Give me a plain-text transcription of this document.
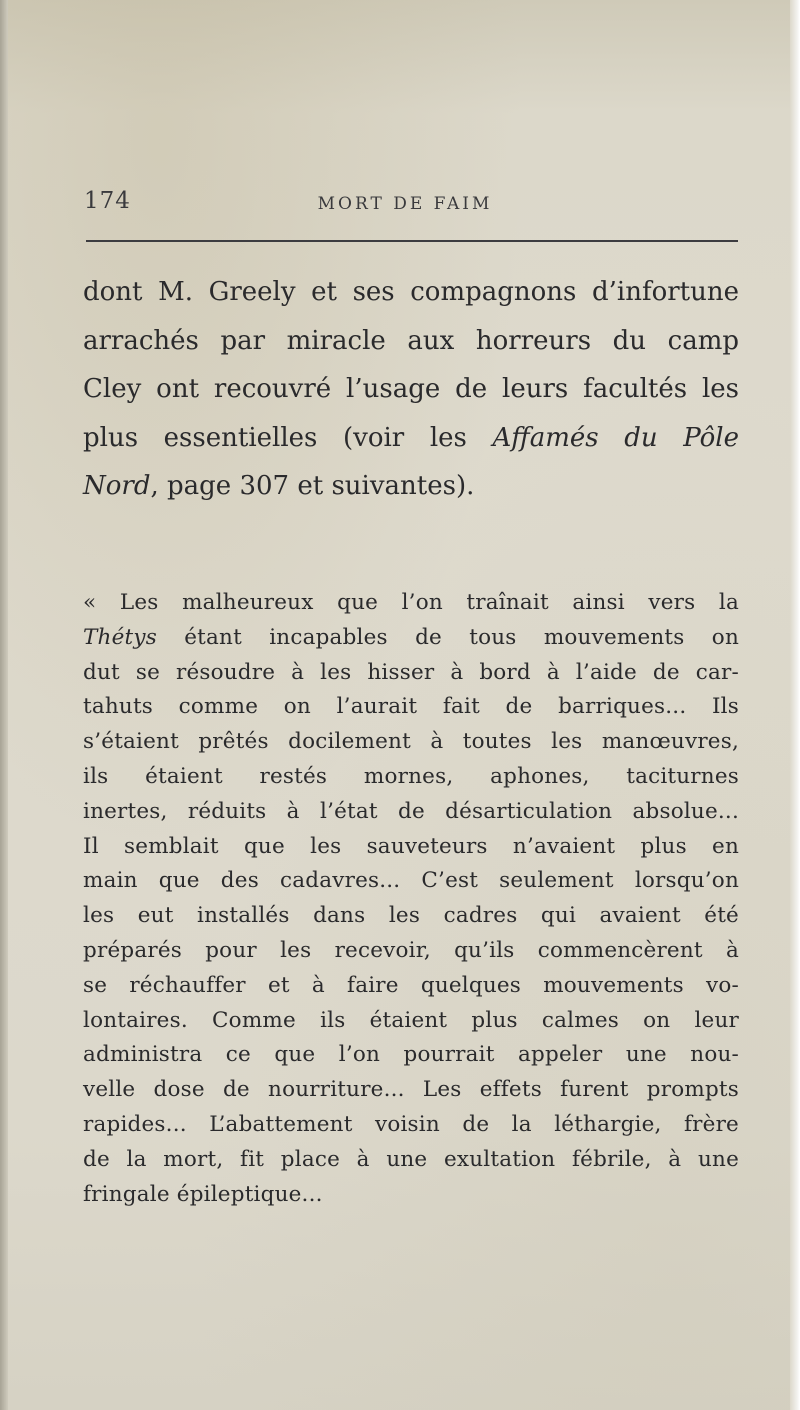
174	MORT DE FAIM
dont M. Greely et ses compagnons d’infortune
arrachés par miracle aux horreurs du camp
Cley ont recouvré l’usage de leurs facultés les
plus essentielles (voir les Affamés du Pôle
Nord, page 307 et suivantes).
« Les malheureux que l’on traînait ainsi vers la
Thétys étant incapables de tous mouvements on
dut se résoudre à les hisser à bord à l’aide de car-
tahuts comme on l’aurait fait de barriques... Ils
s’étaient prêtés docilement à toutes les manœuvres,
ils étaient restés mornes, aphones, taciturnes
inertes, réduits à l’état de désarticulation absolue...
Il semblait que les sauveteurs n’avaient plus en
main que des cadavres... C’est seulement lorsqu’on
les eut installés dans les cadres qui avaient été
préparés pour les recevoir, qu’ils commencèrent à
se réchauffer et à faire quelques mouvements vo-
lontaires. Comme ils étaient plus calmes on leur
administra ce que l’on pourrait appeler une nou-
velle dose de nourriture... Les effets furent prompts
rapides... L’abattement voisin de la léthargie, frère
de la mort, fit place à une exultation fébrile, à une
fringale épileptique...
